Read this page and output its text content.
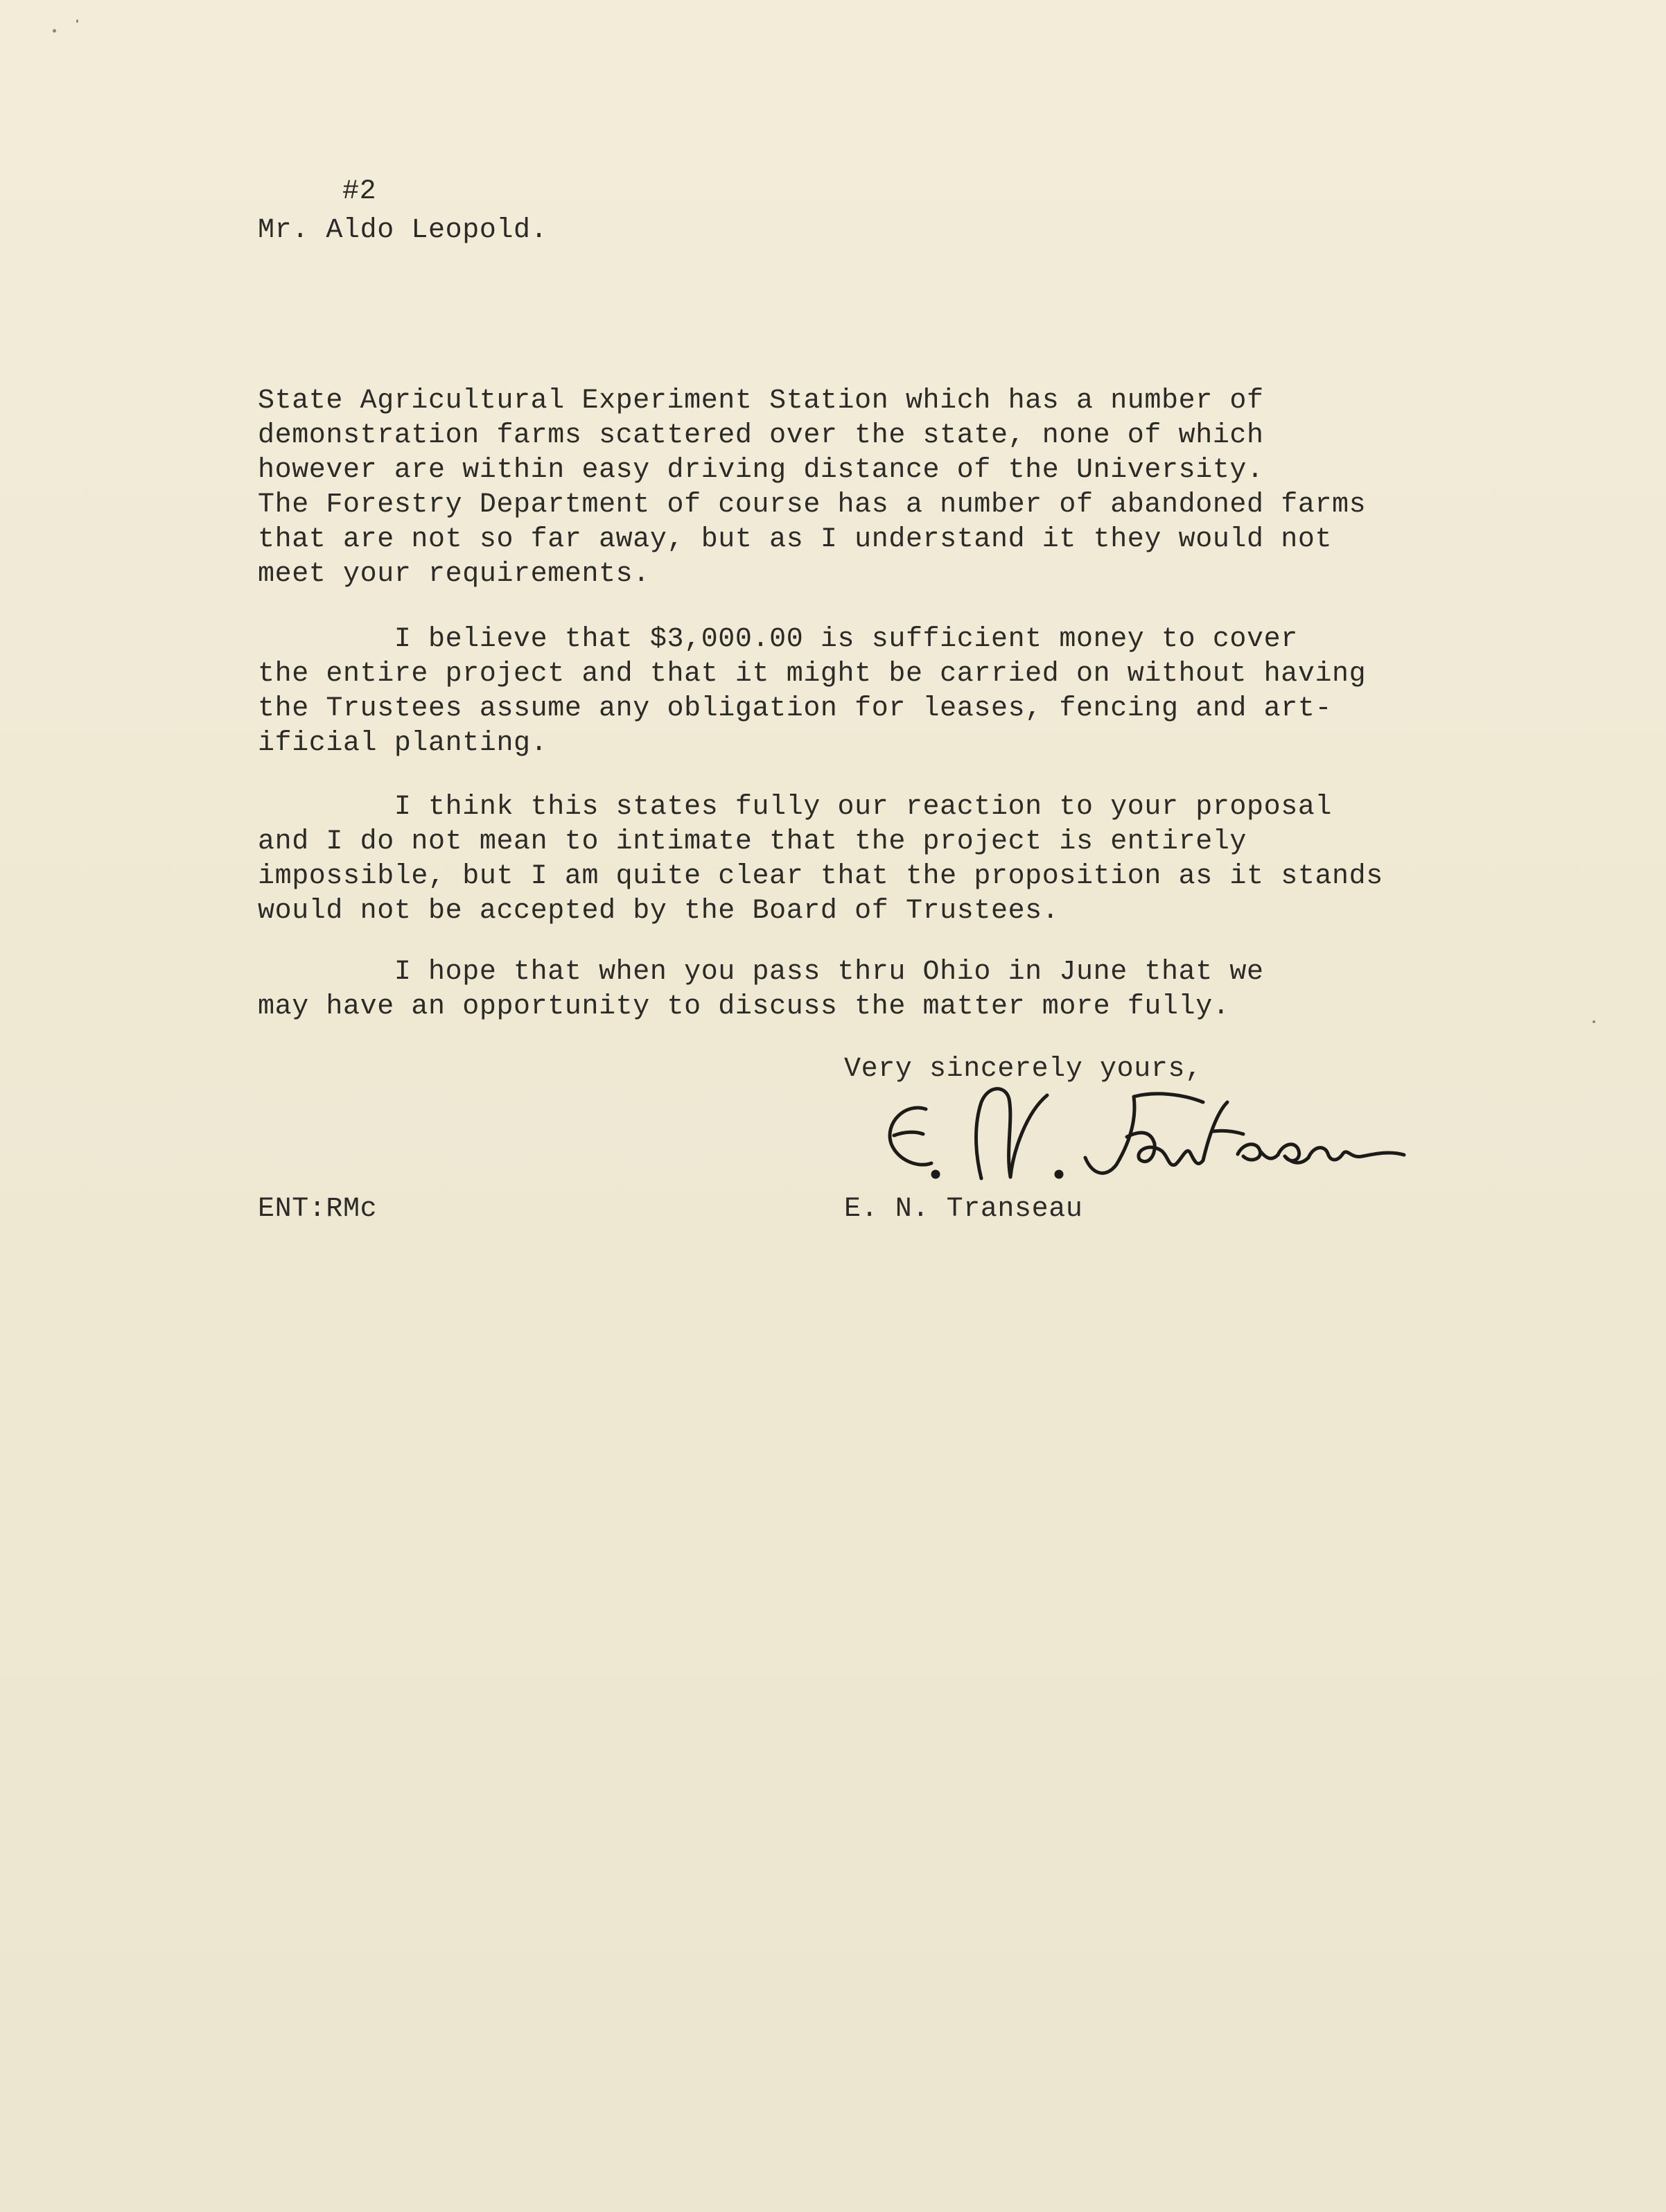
#2
Mr. Aldo Leopold.
State Agricultural Experiment Station which has a number of
demonstration farms scattered over the state, none of which
however are within easy driving distance of the University.
The Forestry Department of course has a number of abandoned farms
that are not so far away, but as I understand it they would not
meet your requirements.
I believe that $3,000.00 is sufficient money to cover
the entire project and that it might be carried on without having
the Trustees assume any obligation for leases, fencing and art-
ificial planting.
I think this states fully our reaction to your proposal
and I do not mean to intimate that the project is entirely
impossible, but I am quite clear that the proposition as it stands
would not be accepted by the Board of Trustees.
I hope that when you pass thru Ohio in June that we
may have an opportunity to discuss the matter more fully.
Very sincerely yours,
ENT:RMc	E. N. Transeau
